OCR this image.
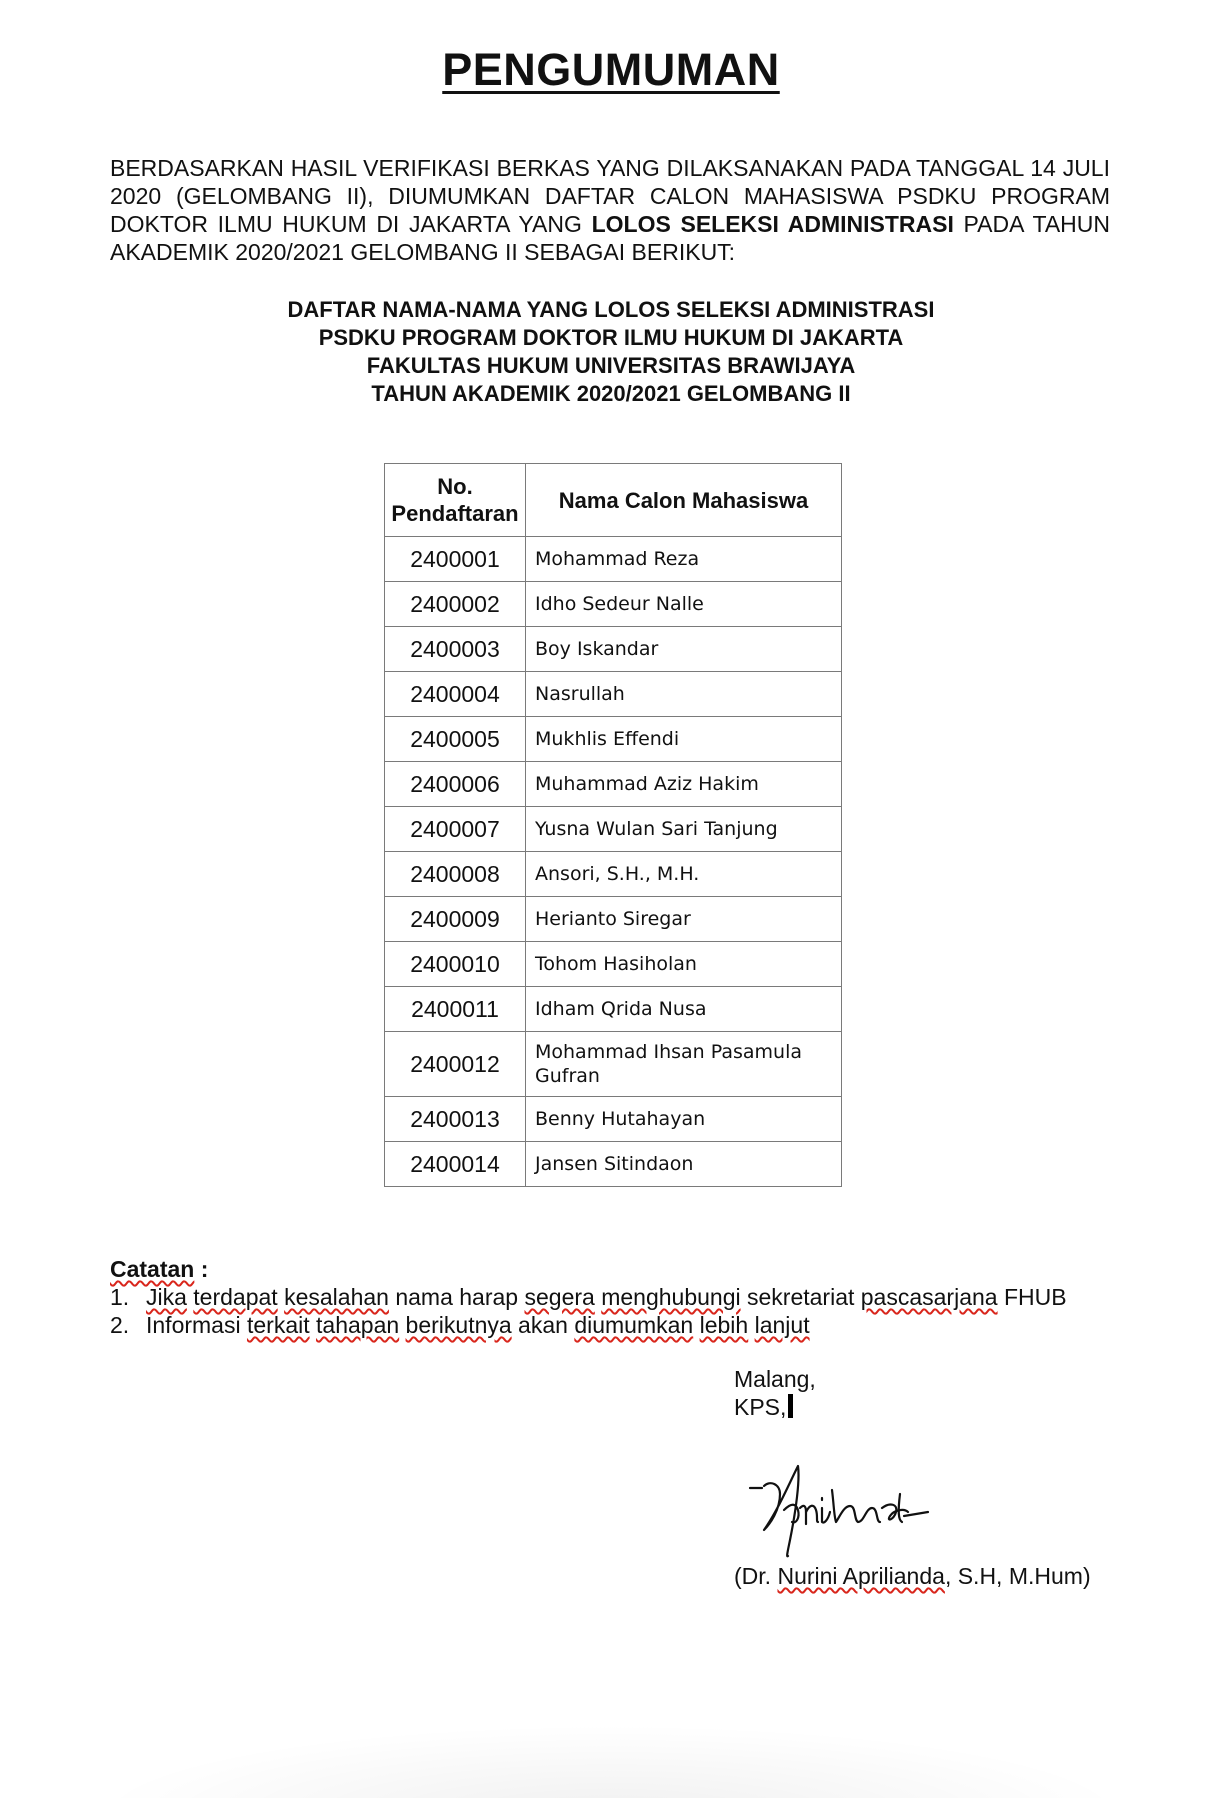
PENGUMUMAN

BERDASARKAN HASIL VERIFIKASI BERKAS YANG DILAKSANAKAN PADA TANGGAL 14 JULI 2020 (GELOMBANG II), DIUMUMKAN DAFTAR CALON MAHASISWA PSDKU PROGRAM DOKTOR ILMU HUKUM DI JAKARTA YANG LOLOS SELEKSI ADMINISTRASI PADA TAHUN AKADEMIK 2020/2021 GELOMBANG II SEBAGAI BERIKUT:

DAFTAR NAMA-NAMA YANG LOLOS SELEKSI ADMINISTRASI
PSDKU PROGRAM DOKTOR ILMU HUKUM DI JAKARTA
FAKULTAS HUKUM UNIVERSITAS BRAWIJAYA
TAHUN AKADEMIK 2020/2021 GELOMBANG II
No.
Pendaftaran	Nama Calon Mahasiswa
2400001	Mohammad Reza
2400002	Idho Sedeur Nalle
2400003	Boy Iskandar
2400004	Nasrullah
2400005	Mukhlis Effendi
2400006	Muhammad Aziz Hakim
2400007	Yusna Wulan Sari Tanjung
2400008	Ansori, S.H., M.H.
2400009	Herianto Siregar
2400010	Tohom Hasiholan
2400011	Idham Qrida Nusa
2400012	Mohammad Ihsan Pasamula Gufran
2400013	Benny Hutahayan
2400014	Jansen Sitindaon
Catatan :
1. Jika terdapat kesalahan nama harap segera menghubungi sekretariat pascasarjana FHUB
2. Informasi terkait tahapan berikutnya akan diumumkan lebih lanjut
Malang,
KPS,
(Dr. Nurini Aprilianda, S.H, M.Hum)
